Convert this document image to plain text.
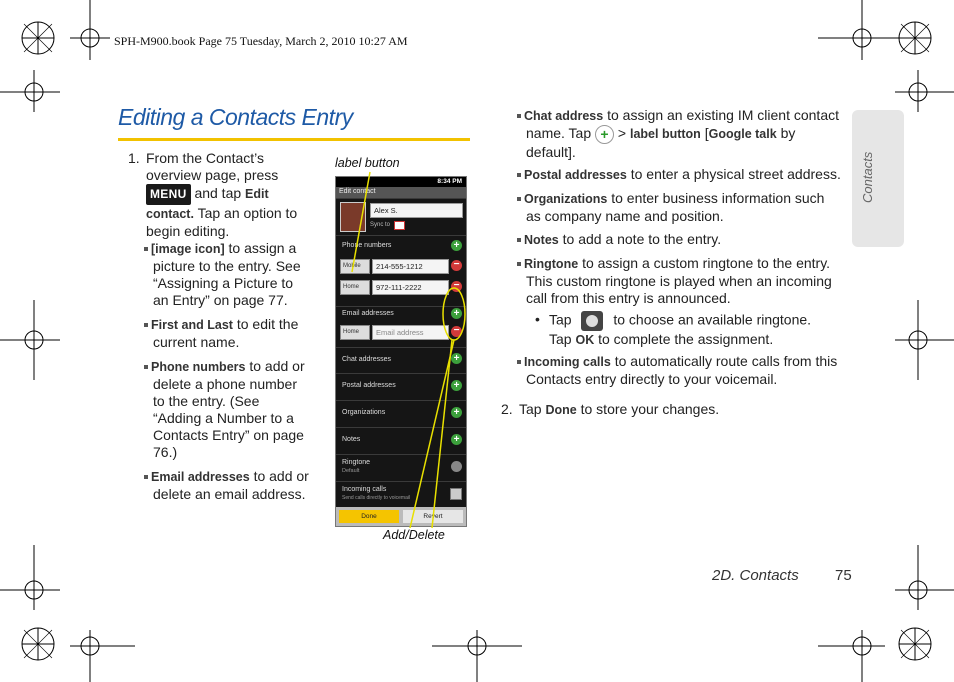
SPH-M900.book Page 75 Tuesday, March 2, 2010 10:27 AM
Editing a Contacts Entry
Contacts
1. From the Contact’s overview page, press
MENU and tap Edit contact. Tap an option to begin editing.
[image icon] to assign a picture to the entry. See “Assigning a Picture to an Entry” on page 77.
First and Last to edit the current name.
Phone numbers to add or delete a phone number to the entry. (See “Adding a Number to a Contacts Entry” on page 76.)
Email addresses to add or delete an email address.
label button
Add/Delete
8:34 PM
Edit contact
Alex S.
Sync to
Phone numbers	+
Mobile	214-555-1212	−
Home	972-111-2222	−
Email addresses	+
Home	Email address	−
Chat addresses	+
Postal addresses	+
Organizations	+
Notes	+
Ringtone
Default
Incoming calls
Send calls directly to voicemail
Done	Revert
Chat address to assign an existing IM client contact name. Tap + > label button [Google talk by default].
Postal addresses to enter a physical street address.
Organizations to enter business information such as company name and position.
Notes to add a note to the entry.
Ringtone to assign a custom ringtone to the entry. This custom ringtone is played when an incoming call from this entry is announced.
• Tap	to choose an available ringtone.
Tap OK to complete the assignment.
Incoming calls to automatically route calls from this Contacts entry directly to your voicemail.
2. Tap Done to store your changes.
2D. Contacts 75
